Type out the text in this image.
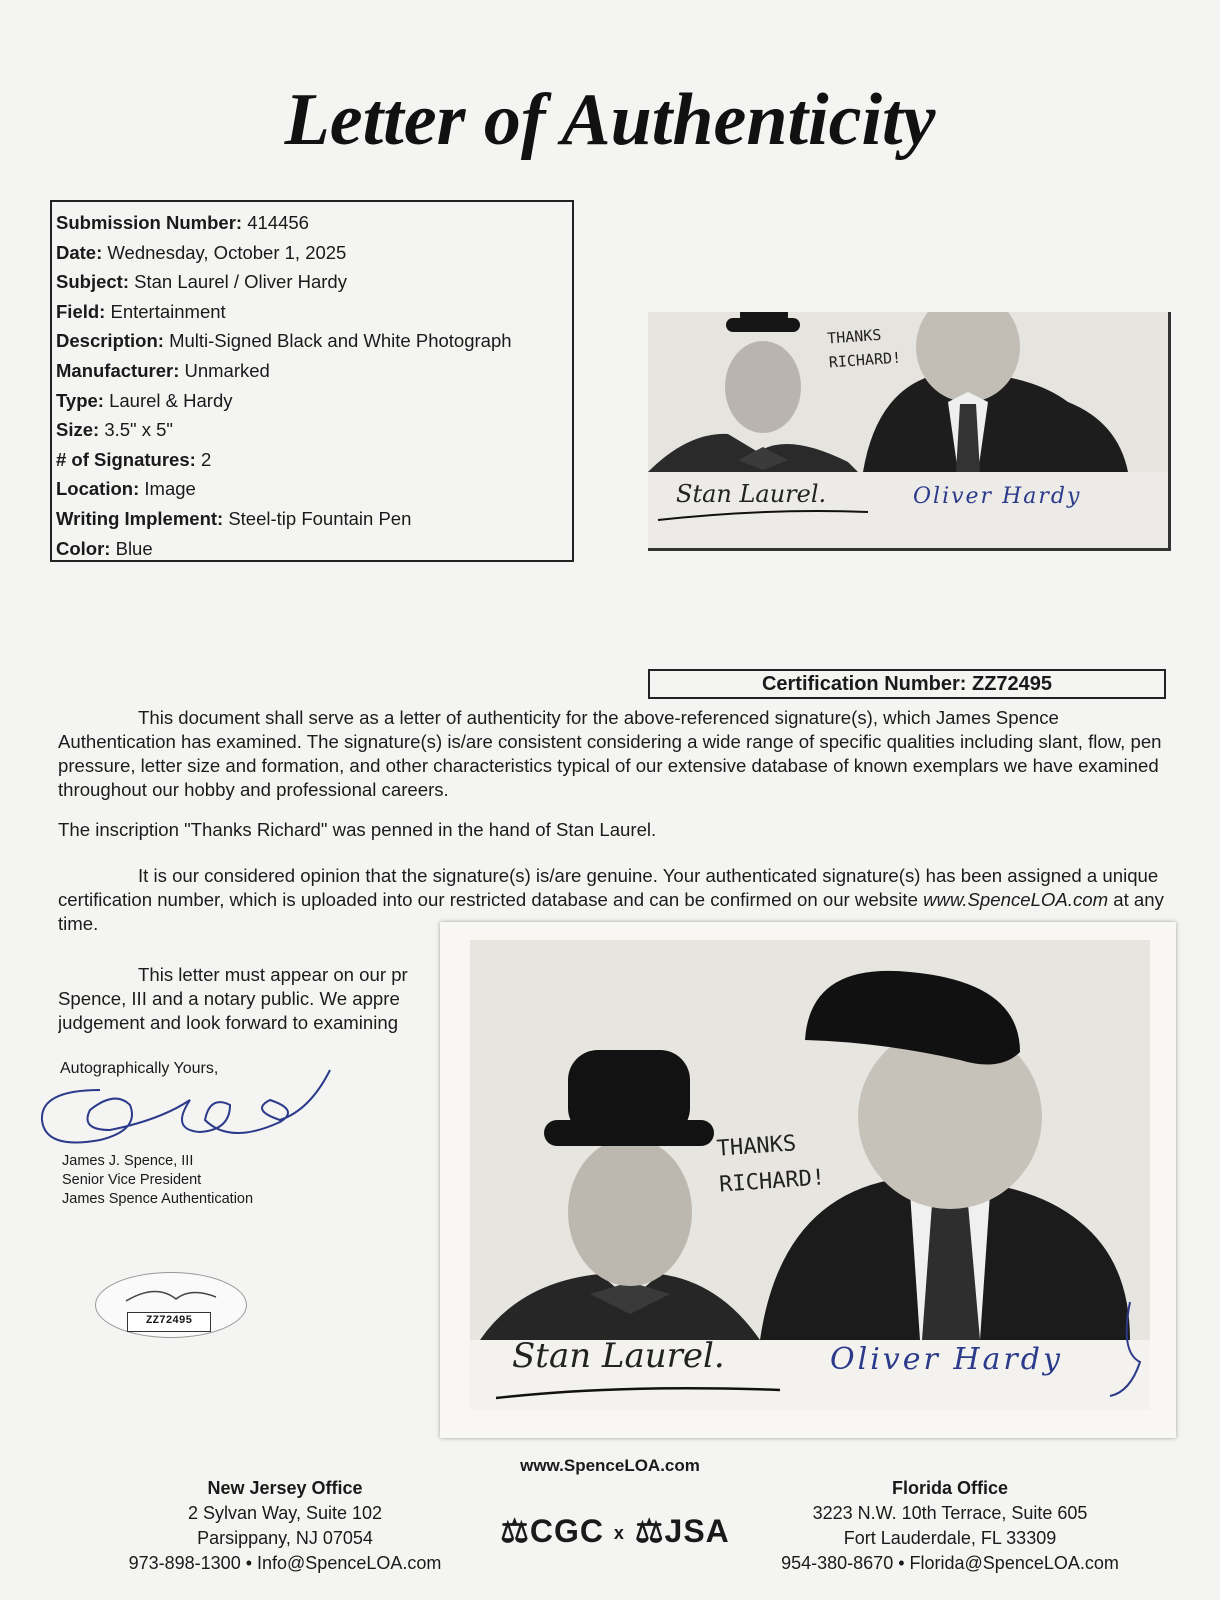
Letter of Authenticity
Submission Number: 414456
Date: Wednesday, October 1, 2025
Subject: Stan Laurel / Oliver Hardy
Field: Entertainment
Description: Multi-Signed Black and White Photograph
Manufacturer: Unmarked
Type: Laurel & Hardy
Size: 3.5" x 5"
# of Signatures: 2
Location: Image
Writing Implement: Steel-tip Fountain Pen
Color: Blue
THANKS
RICHARD!
Stan Laurel.	Oliver Hardy
Certification Number: ZZ72495
This document shall serve as a letter of authenticity for the above-referenced signature(s), which James Spence Authentication has examined. The signature(s) is/are consistent considering a wide range of specific qualities including slant, flow, pen pressure, letter size and formation, and other characteristics typical of our extensive database of known exemplars we have examined throughout our hobby and professional careers.
The inscription "Thanks Richard" was penned in the hand of Stan Laurel.
It is our considered opinion that the signature(s) is/are genuine. Your authenticated signature(s) has been assigned a unique certification number, which is uploaded into our restricted database and can be confirmed on our website www.SpenceLOA.com at any time.
This letter must appear on our pr
Spence, III and a notary public. We appre
judgement and look forward to examining
Autographically Yours,
James J. Spence, III
Senior Vice President
James Spence Authentication
ZZ72495
THANKS
RICHARD!
Stan Laurel.	Oliver Hardy
www.SpenceLOA.com
New Jersey Office
2 Sylvan Way, Suite 102
Parsippany, NJ 07054
973-898-1300 • Info@SpenceLOA.com
⚖CGC x ⚖JSA
Florida Office
3223 N.W. 10th Terrace, Suite 605
Fort Lauderdale, FL 33309
954-380-8670 • Florida@SpenceLOA.com
